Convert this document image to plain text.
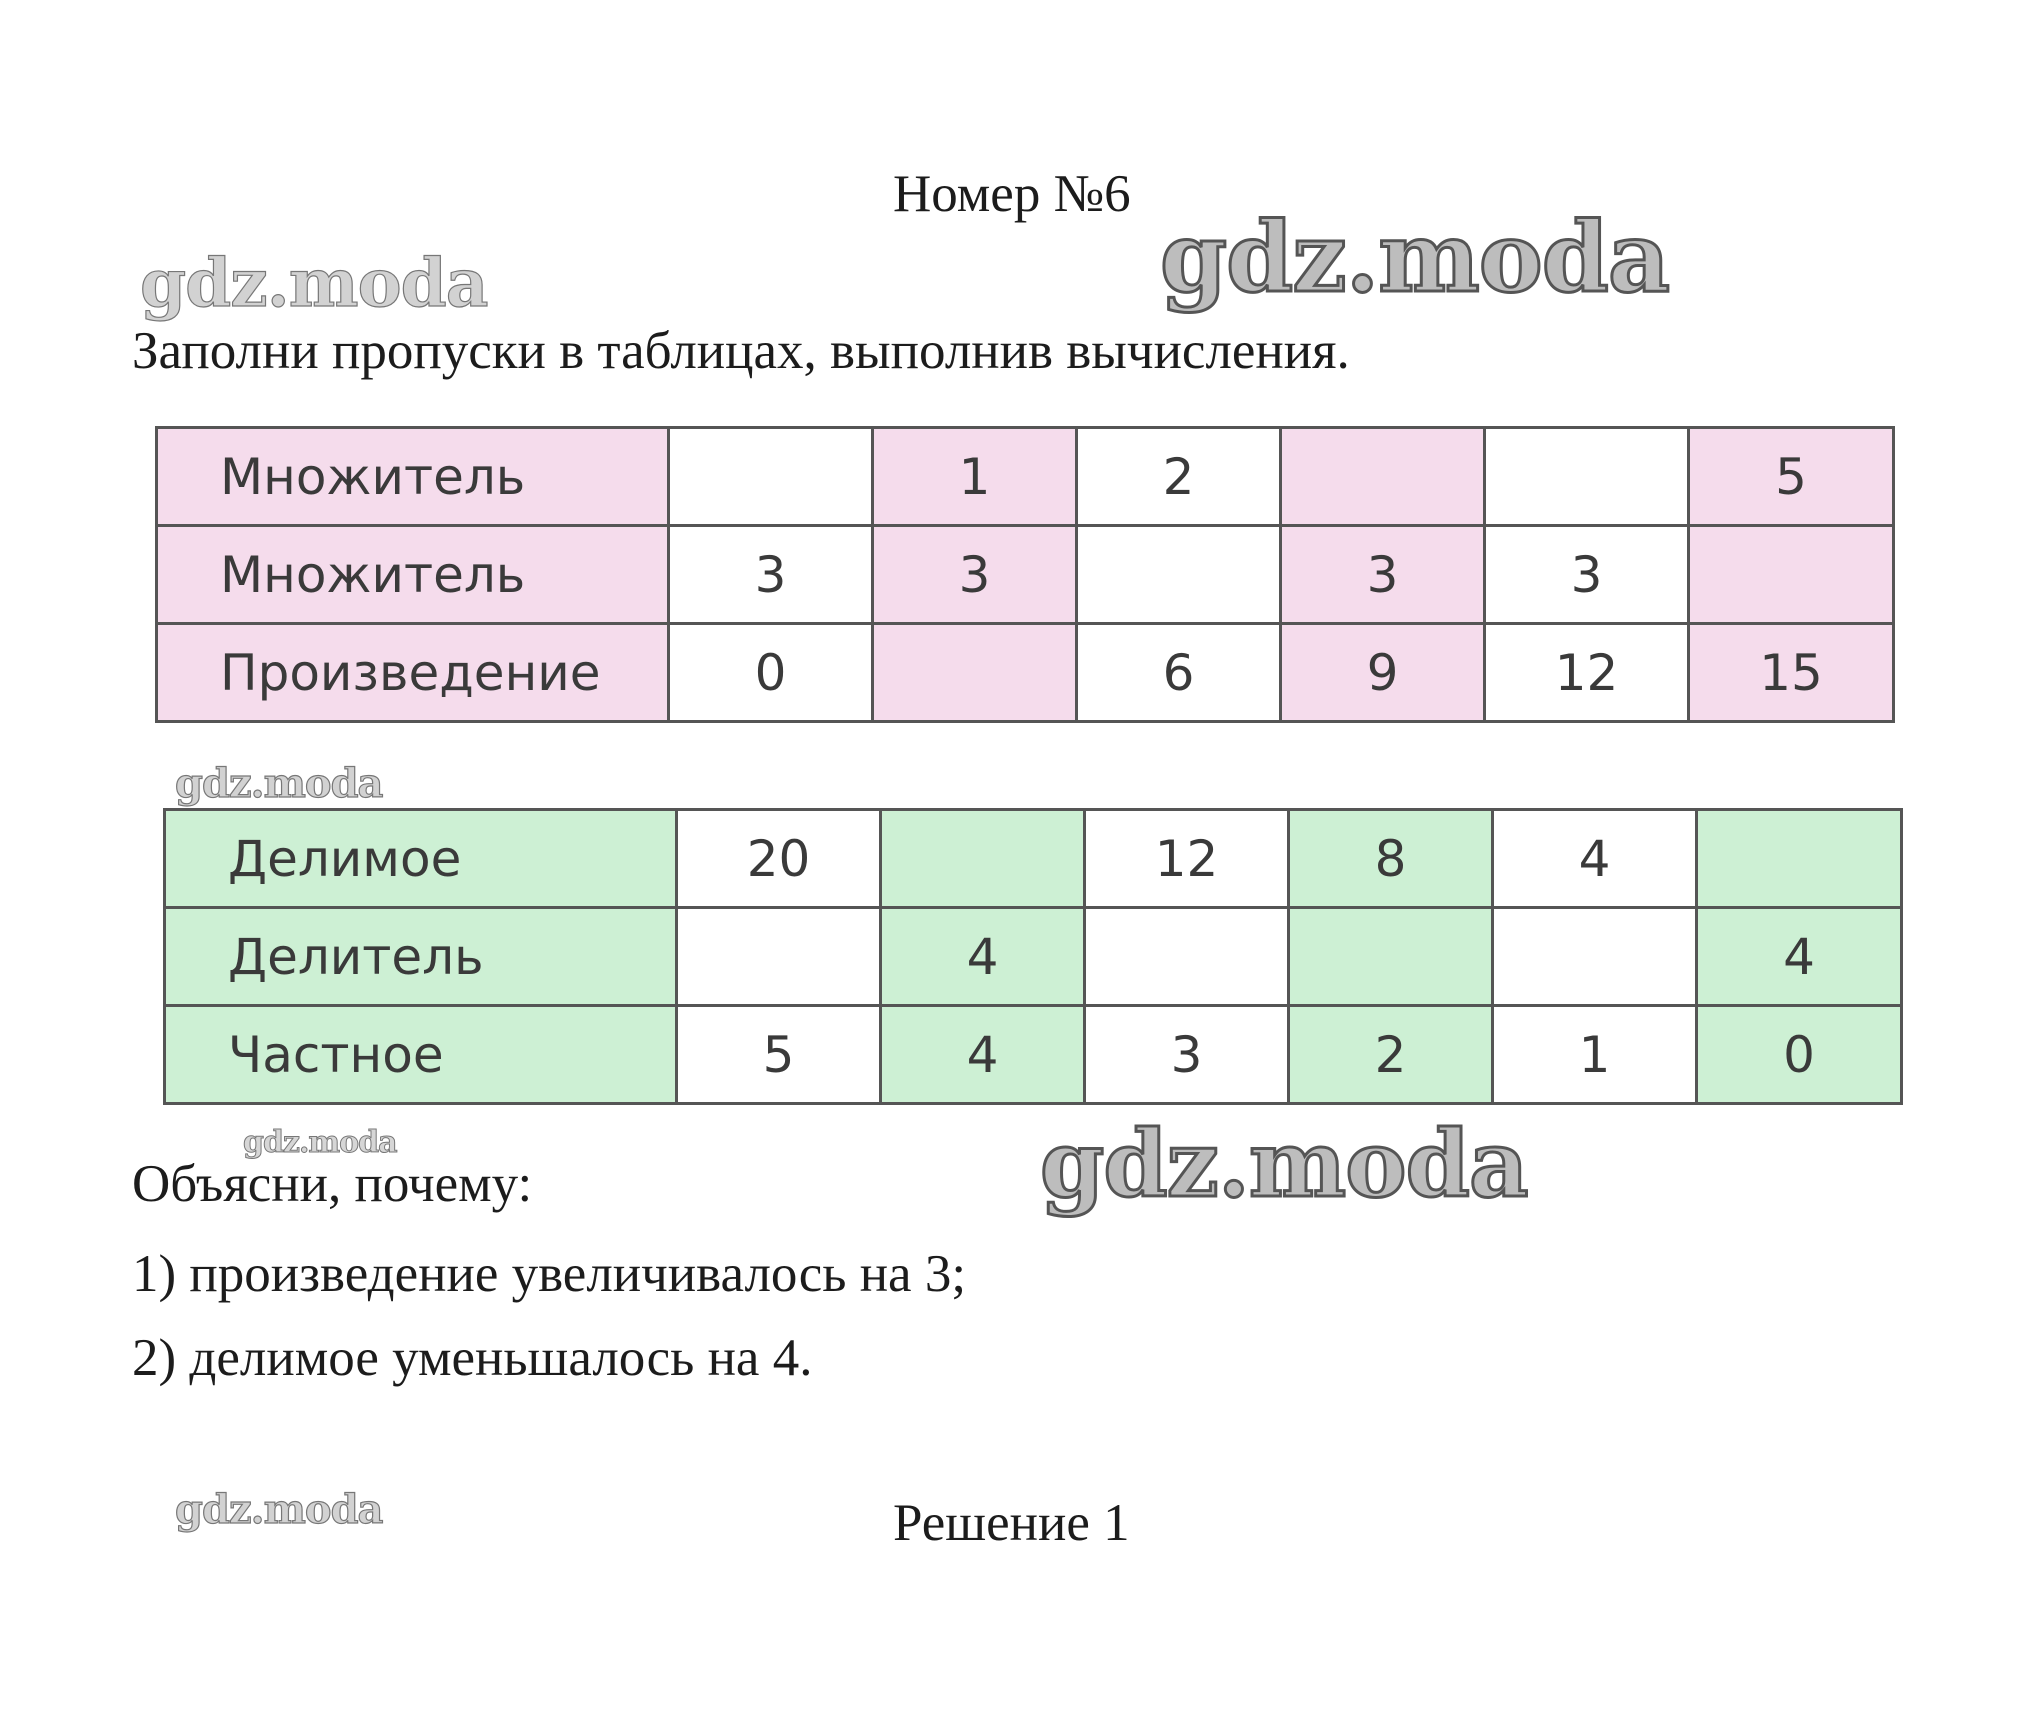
Номер №6
gdz.moda	gdz.moda
Заполни пропуски в таблицах, выполнив вычисления.
Множитель		1	2			5
Множитель	3	3		3	3	
Произведение	0		6	9	12	15
gdz.moda
Делимое	20		12	8	4	
Делитель		4				4
Частное	5	4	3	2	1	0
gdz.moda	gdz.moda
Объясни, почему:
1) произведение увеличивалось на 3;
2) делимое уменьшалось на 4.
gdz.moda	Решение 1
